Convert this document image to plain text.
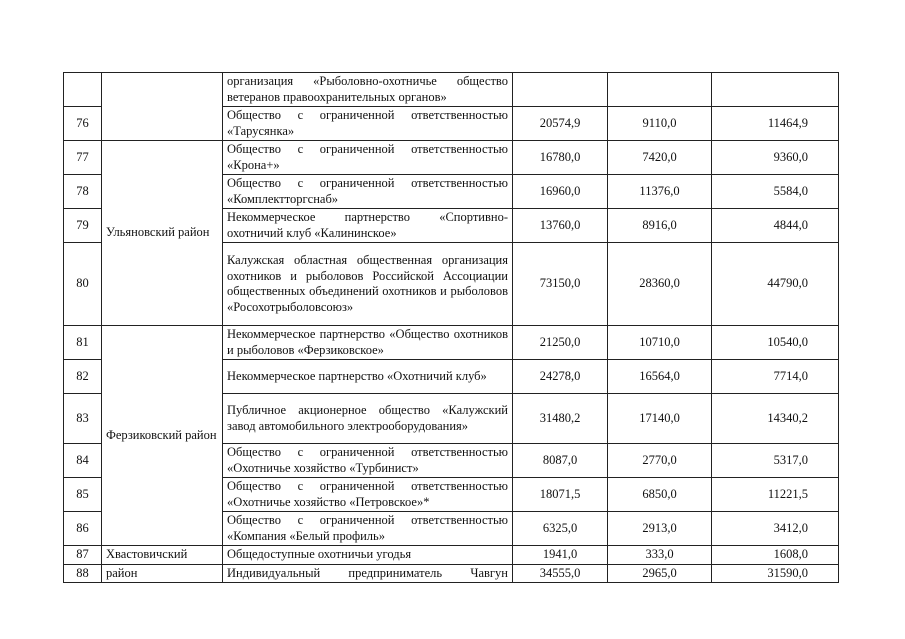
		организация «Рыболовно-охотничье общество ветеранов правоохранительных органов»			
76		Общество с ограниченной ответственностью «Тарусянка»	20574,9	9110,0	11464,9
77	Ульяновский район	Общество с ограниченной ответственностью «Крона+»	16780,0	7420,0	9360,0
78		Общество с ограниченной ответственностью «Комплектторгснаб»	16960,0	11376,0	5584,0
79		Некоммерческое партнерство «Спортивно-охотничий клуб «Калининское»	13760,0	8916,0	4844,0
80		Калужская областная общественная организация охотников и рыболовов Российской Ассоциации общественных объединений охотников и рыболовов «Росохотрыболовсоюз»	73150,0	28360,0	44790,0
81	Ферзиковский район	Некоммерческое партнерство «Общество охотников и рыболовов «Ферзиковское»	21250,0	10710,0	10540,0
82		Некоммерческое партнерство «Охотничий клуб»	24278,0	16564,0	7714,0
83		Публичное акционерное общество «Калужский завод автомобильного электрооборудования»	31480,2	17140,0	14340,2
84		Общество с ограниченной ответственностью «Охотничье хозяйство «Турбинист»	8087,0	2770,0	5317,0
85		Общество с ограниченной ответственностью «Охотничье хозяйство «Петровское»*	18071,5	6850,0	11221,5
86		Общество с ограниченной ответственностью «Компания «Белый профиль»	6325,0	2913,0	3412,0
87	Хвастовичский	Общедоступные охотничьи угодья	1941,0	333,0	1608,0
88	район	Индивидуальный предприниматель Чавгун	34555,0	2965,0	31590,0
